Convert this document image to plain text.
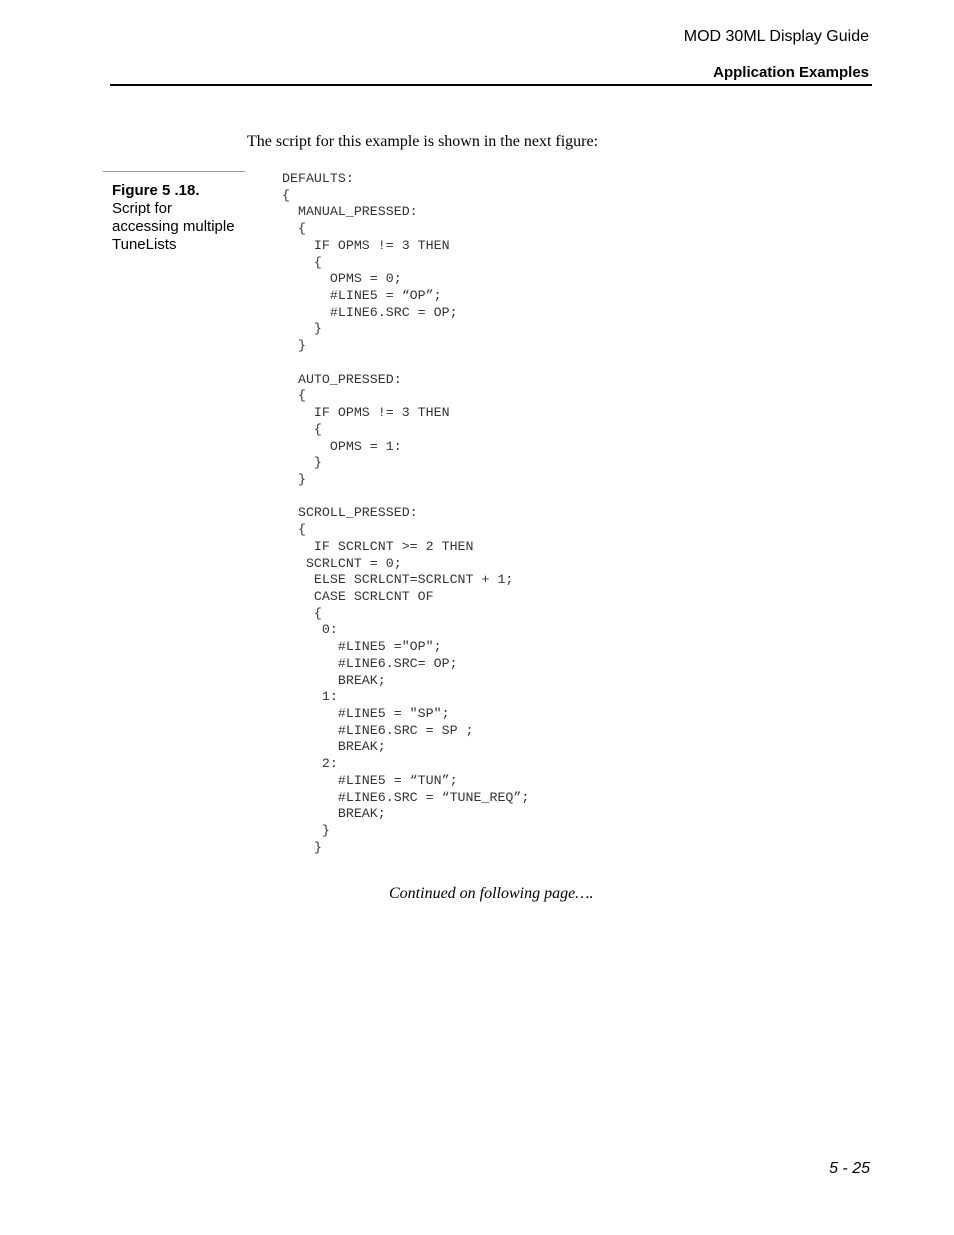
MOD 30ML Display Guide
Application Examples
The script for this example is shown in the next figure:
Figure 5 .18.
Script for accessing multiple TuneLists
DEFAULTS:
{
MANUAL_PRESSED:
{
IF OPMS != 3 THEN
{
OPMS = 0;
#LINE5 = “OP”;
#LINE6.SRC = OP;
}
}

AUTO_PRESSED:
{
IF OPMS != 3 THEN
{
OPMS = 1:
}
}

SCROLL_PRESSED:
{
IF SCRLCNT >= 2 THEN
SCRLCNT = 0;
ELSE SCRLCNT=SCRLCNT + 1;
CASE SCRLCNT OF
{
0:
#LINE5 ="OP";
#LINE6.SRC= OP;
BREAK;
1:
#LINE5 = "SP";
#LINE6.SRC = SP ;
BREAK;
2:
#LINE5 = “TUN”;
#LINE6.SRC = “TUNE_REQ”;
BREAK;
}
}
Continued on following page….
5 - 25
